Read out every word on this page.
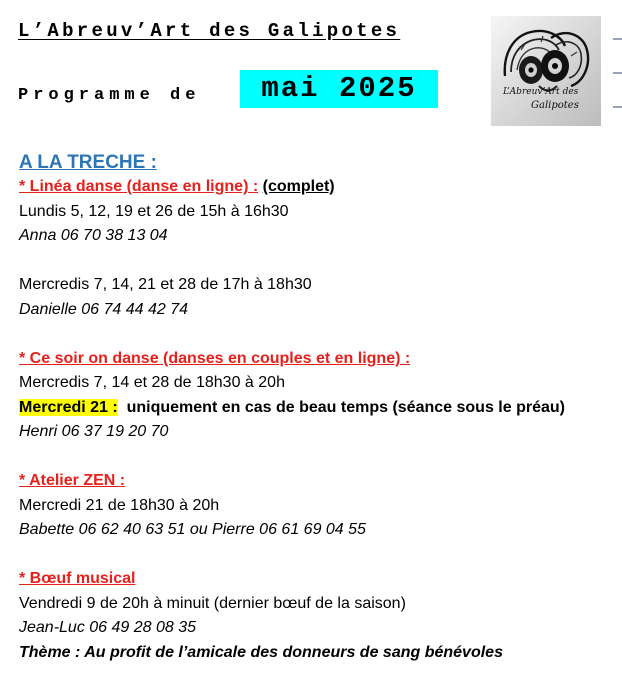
L’Abreuv’Art des Galipotes
Programme de	mai 2025	L’Abreuv’Art des
Galipotes
A LA TRECHE :
* Linéa danse (danse en ligne) : (complet)
Lundis 5, 12, 19 et 26 de 15h à 16h30
Anna 06 70 38 13 04
Mercredis 7, 14, 21 et 28 de 17h à 18h30
Danielle 06 74 44 42 74
* Ce soir on danse (danses en couples et en ligne) :
Mercredis 7, 14 et 28 de 18h30 à 20h
Mercredi 21 : uniquement en cas de beau temps (séance sous le préau)
Henri 06 37 19 20 70
* Atelier ZEN :
Mercredi 21 de 18h30 à 20h
Babette 06 62 40 63 51 ou Pierre 06 61 69 04 55
* Bœuf musical
Vendredi 9 de 20h à minuit (dernier bœuf de la saison)
Jean-Luc 06 49 28 08 35
Thème : Au profit de l’amicale des donneurs de sang bénévoles
